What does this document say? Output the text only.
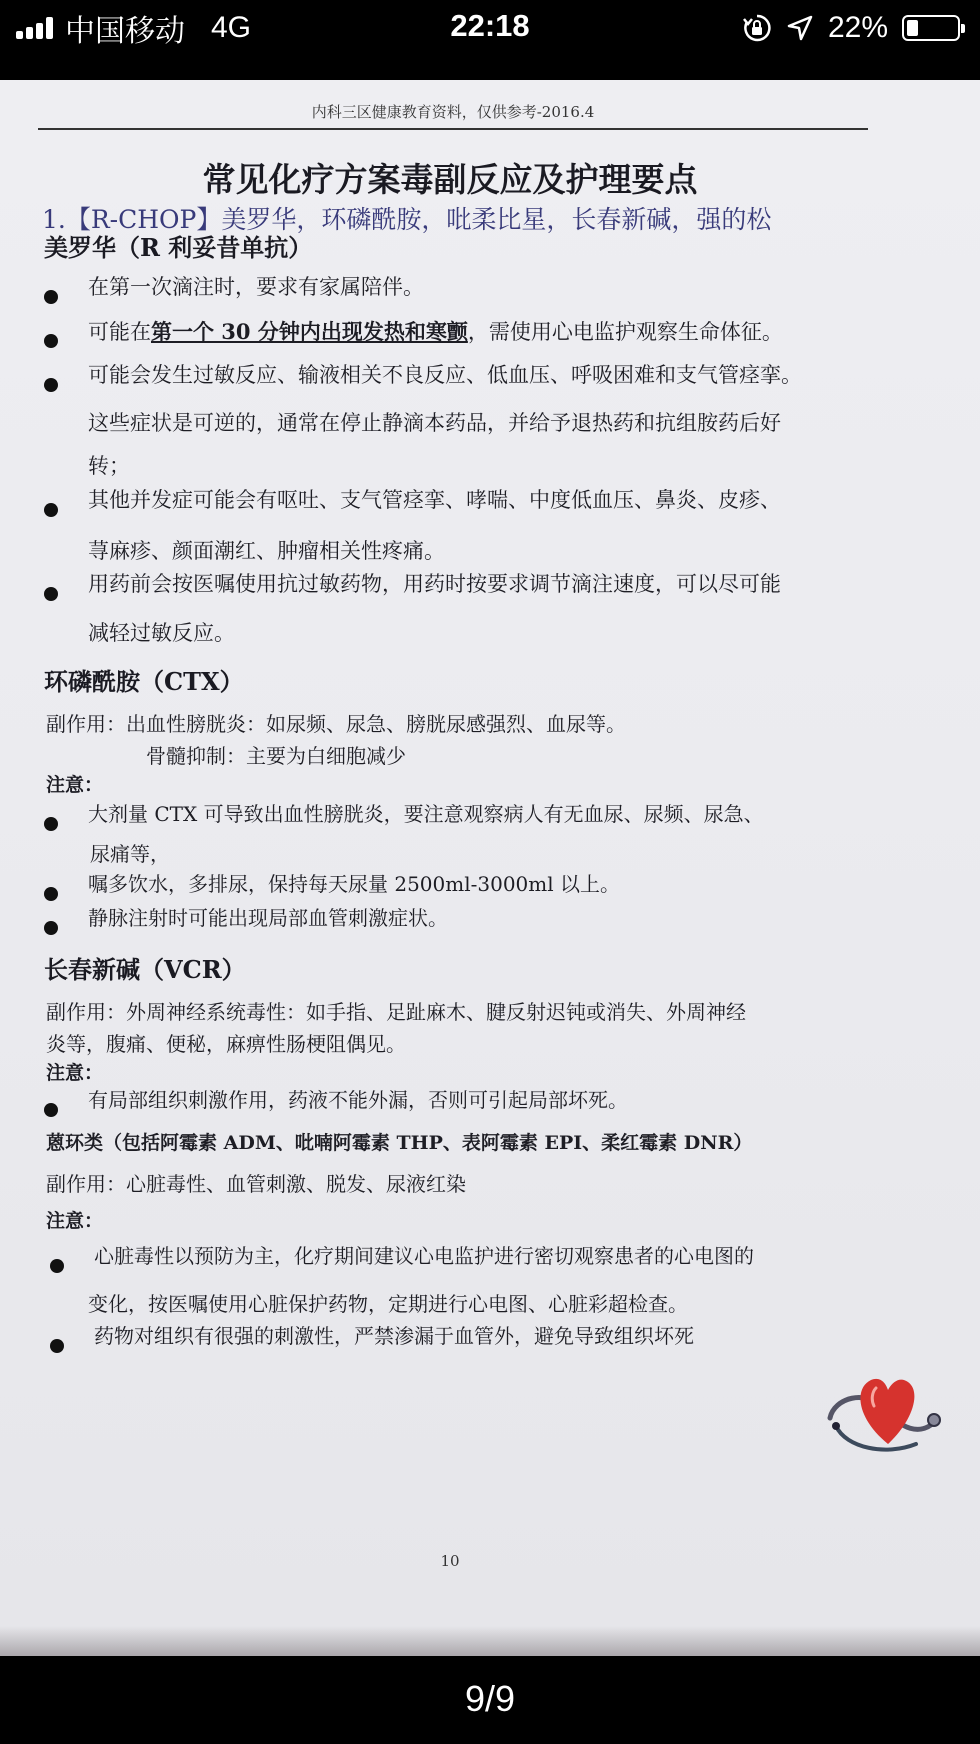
中国移动 4G	22:18	22%
内科三区健康教育资料，仅供参考-2016.4
常见化疗方案毒副反应及护理要点
1.【R-CHOP】美罗华，环磷酰胺，吡柔比星，长春新碱，强的松
美罗华（R 利妥昔单抗）
在第一次滴注时，要求有家属陪伴。
可能在第一个 30 分钟内出现发热和寒颤，需使用心电监护观察生命体征。
可能会发生过敏反应、输液相关不良反应、低血压、呼吸困难和支气管痉挛。
这些症状是可逆的，通常在停止静滴本药品，并给予退热药和抗组胺药后好
转；
其他并发症可能会有呕吐、支气管痉挛、哮喘、中度低血压、鼻炎、皮疹、
荨麻疹、颜面潮红、肿瘤相关性疼痛。
用药前会按医嘱使用抗过敏药物，用药时按要求调节滴注速度，可以尽可能
减轻过敏反应。
环磷酰胺（CTX）
副作用：出血性膀胱炎：如尿频、尿急、膀胱尿感强烈、血尿等。
骨髓抑制：主要为白细胞减少
注意：
大剂量 CTX 可导致出血性膀胱炎，要注意观察病人有无血尿、尿频、尿急、
尿痛等，
嘱多饮水，多排尿，保持每天尿量 2500ml-3000ml 以上。
静脉注射时可能出现局部血管刺激症状。
长春新碱（VCR）
副作用：外周神经系统毒性：如手指、足趾麻木、腱反射迟钝或消失、外周神经
炎等，腹痛、便秘，麻痹性肠梗阻偶见。
注意：
有局部组织刺激作用，药液不能外漏，否则可引起局部坏死。
蒽环类（包括阿霉素 ADM、吡喃阿霉素 THP、表阿霉素 EPI、柔红霉素 DNR）
副作用：心脏毒性、血管刺激、脱发、尿液红染
注意：
心脏毒性以预防为主，化疗期间建议心电监护进行密切观察患者的心电图的
变化，按医嘱使用心脏保护药物，定期进行心电图、心脏彩超检查。
药物对组织有很强的刺激性，严禁渗漏于血管外，避免导致组织坏死
10
9/9
